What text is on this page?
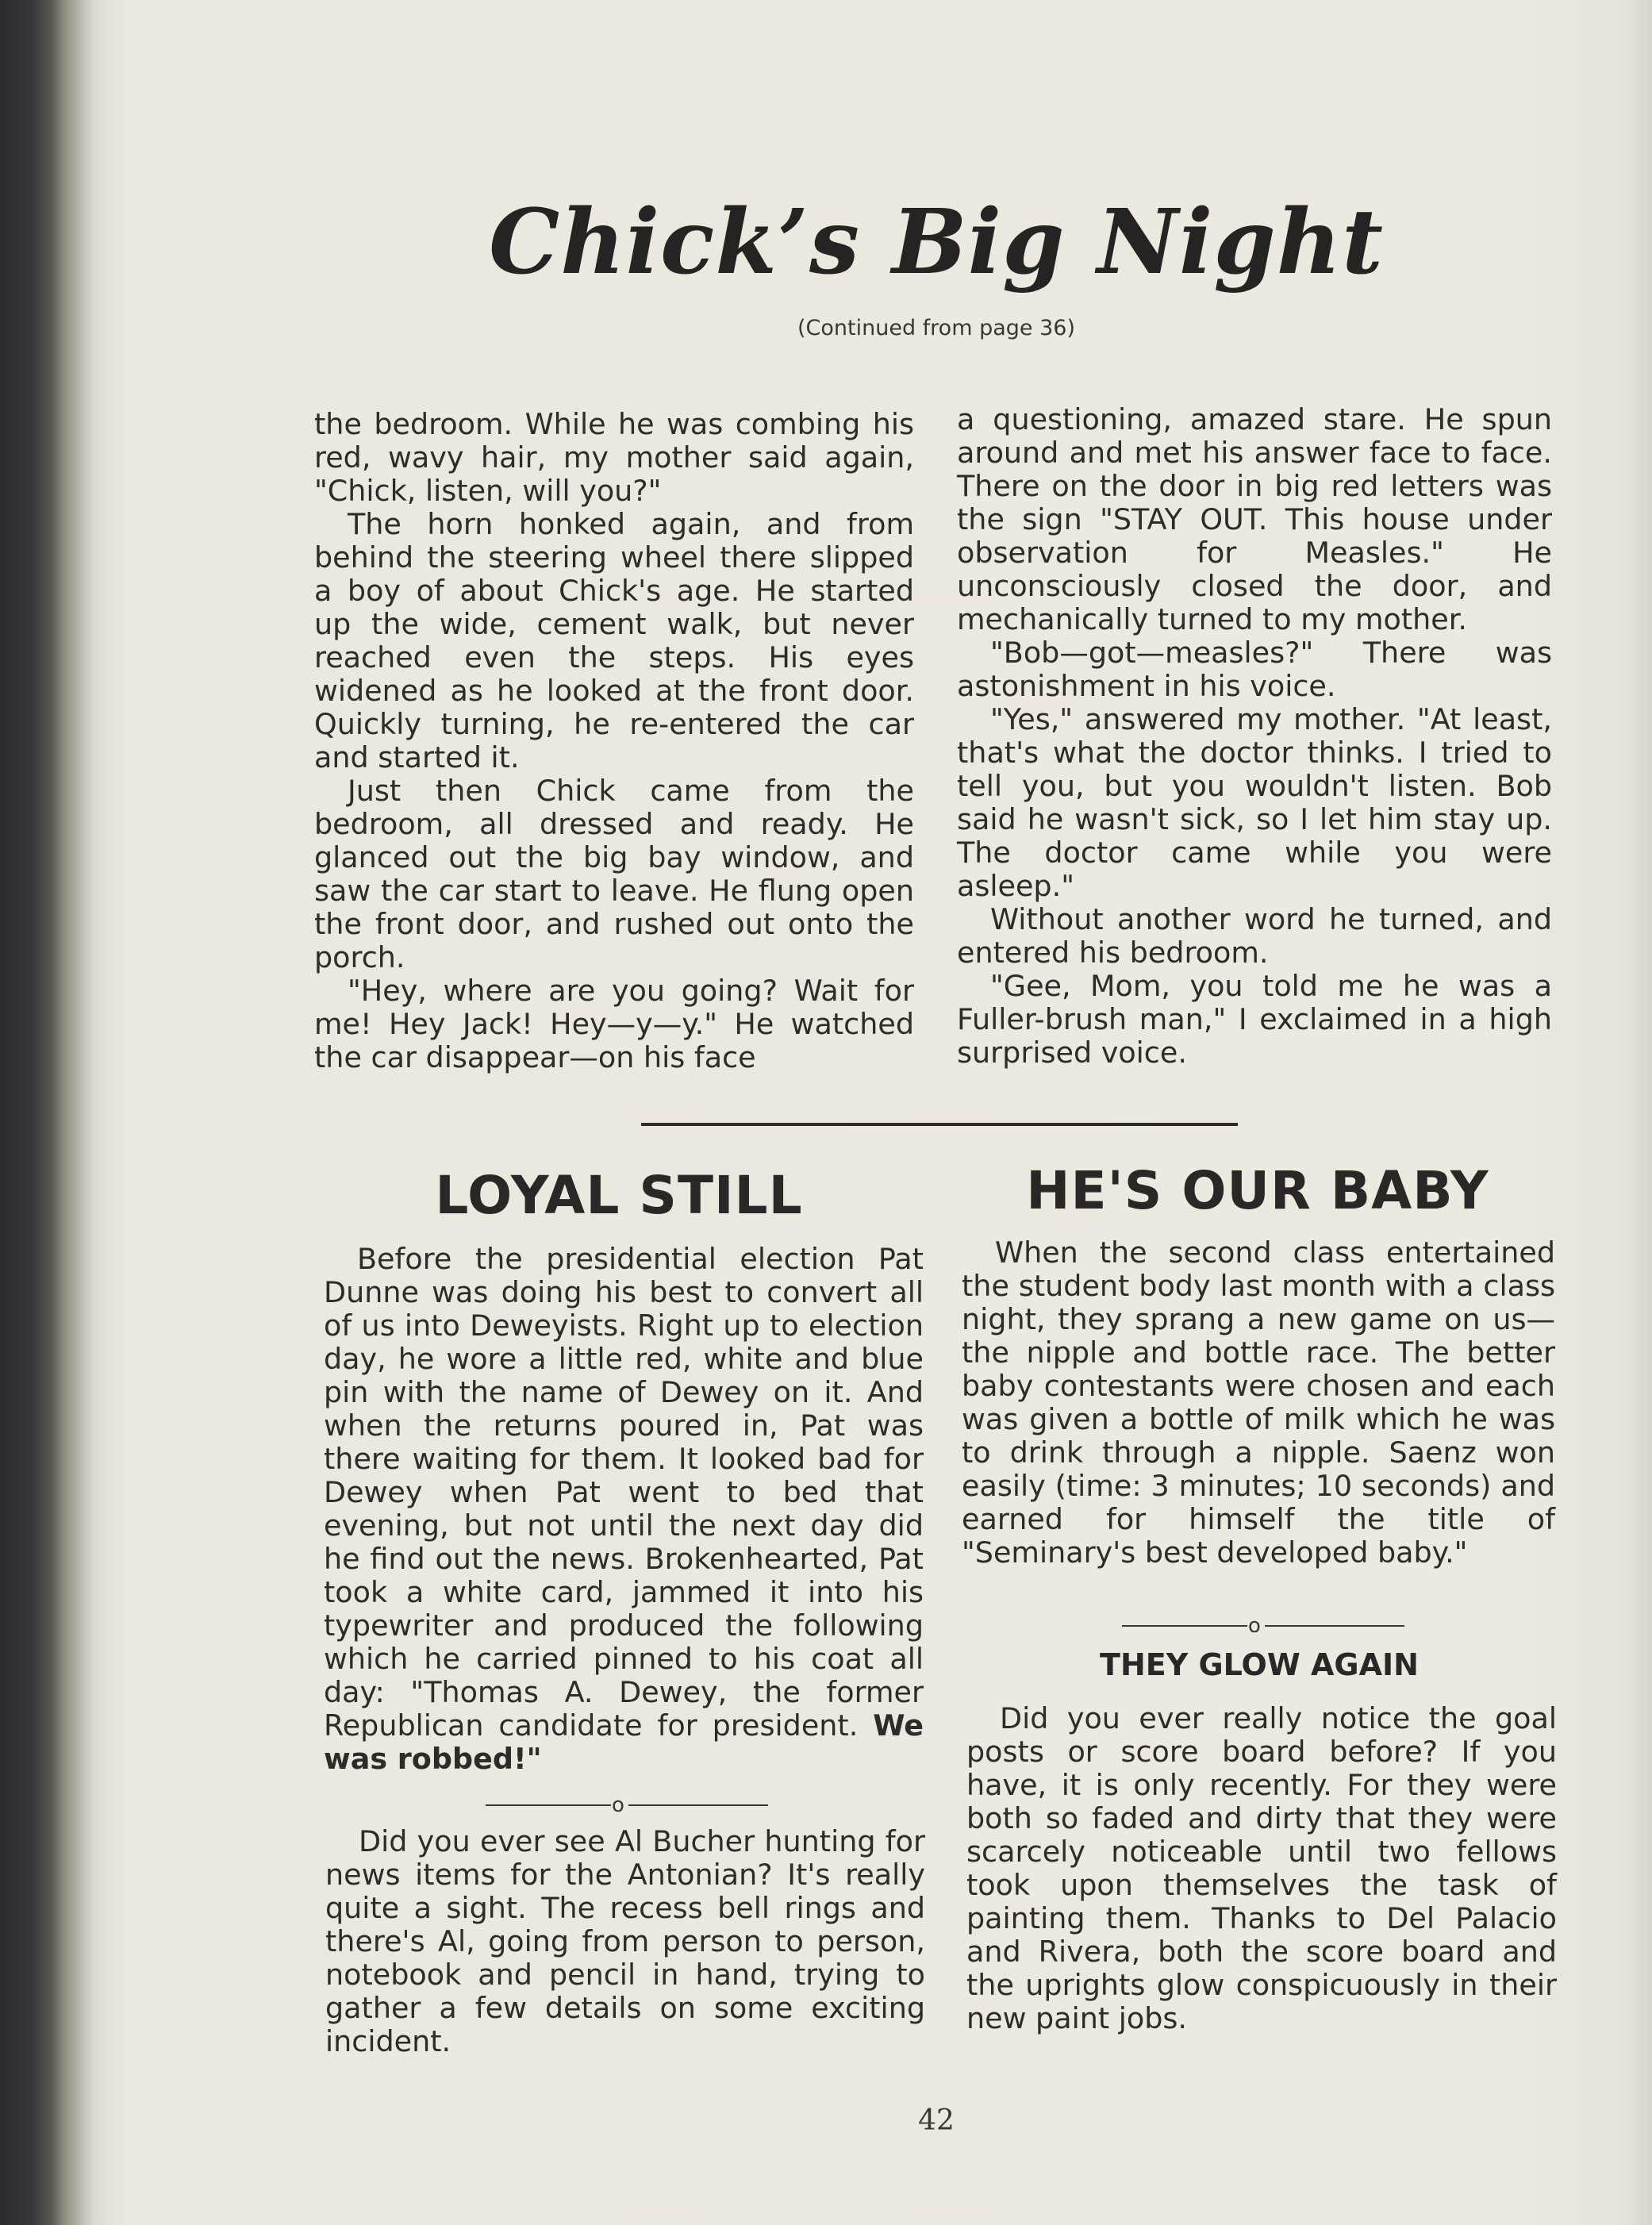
Chick’s Big Night
(Continued from page 36)

the bedroom. While he was combing his red, wavy hair, my mother said again, "Chick, listen, will you?"

The horn honked again, and from behind the steering wheel there slipped a boy of about Chick's age. He started up the wide, cement walk, but never reached even the steps. His eyes widened as he looked at the front door. Quickly turning, he re-entered the car and started it.

Just then Chick came from the bedroom, all dressed and ready. He glanced out the big bay window, and saw the car start to leave. He flung open the front door, and rushed out onto the porch.

"Hey, where are you going? Wait for me! Hey Jack! Hey—y—y." He watched the car disappear—on his face

a questioning, amazed stare. He spun around and met his answer face to face. There on the door in big red letters was the sign "STAY OUT. This house under observation for Measles." He unconsciously closed the door, and mechanically turned to my mother.

"Bob—got—measles?" There was astonishment in his voice.

"Yes," answered my mother. "At least, that's what the doctor thinks. I tried to tell you, but you wouldn't listen. Bob said he wasn't sick, so I let him stay up. The doctor came while you were asleep."

Without another word he turned, and entered his bedroom.

"Gee, Mom, you told me he was a Fuller-brush man," I exclaimed in a high surprised voice.

LOYAL STILL	HE'S OUR BABY

Before the presidential election Pat Dunne was doing his best to convert all of us into Deweyists. Right up to election day, he wore a little red, white and blue pin with the name of Dewey on it. And when the returns poured in, Pat was there waiting for them. It looked bad for Dewey when Pat went to bed that evening, but not until the next day did he find out the news. Brokenhearted, Pat took a white card, jammed it into his typewriter and produced the following which he carried pinned to his coat all day: "Thomas A. Dewey, the former Republican candidate for president. We was robbed!"

o

Did you ever see Al Bucher hunting for news items for the Antonian? It's really quite a sight. The recess bell rings and there's Al, going from person to person, notebook and pencil in hand, trying to gather a few details on some exciting incident.

When the second class entertained the student body last month with a class night, they sprang a new game on us—the nipple and bottle race. The better baby contestants were chosen and each was given a bottle of milk which he was to drink through a nipple. Saenz won easily (time: 3 minutes; 10 seconds) and earned for himself the title of "Seminary's best developed baby."

o
THEY GLOW AGAIN

Did you ever really notice the goal posts or score board before? If you have, it is only recently. For they were both so faded and dirty that they were scarcely noticeable until two fellows took upon themselves the task of painting them. Thanks to Del Palacio and Rivera, both the score board and the uprights glow conspicuously in their new paint jobs.

42
